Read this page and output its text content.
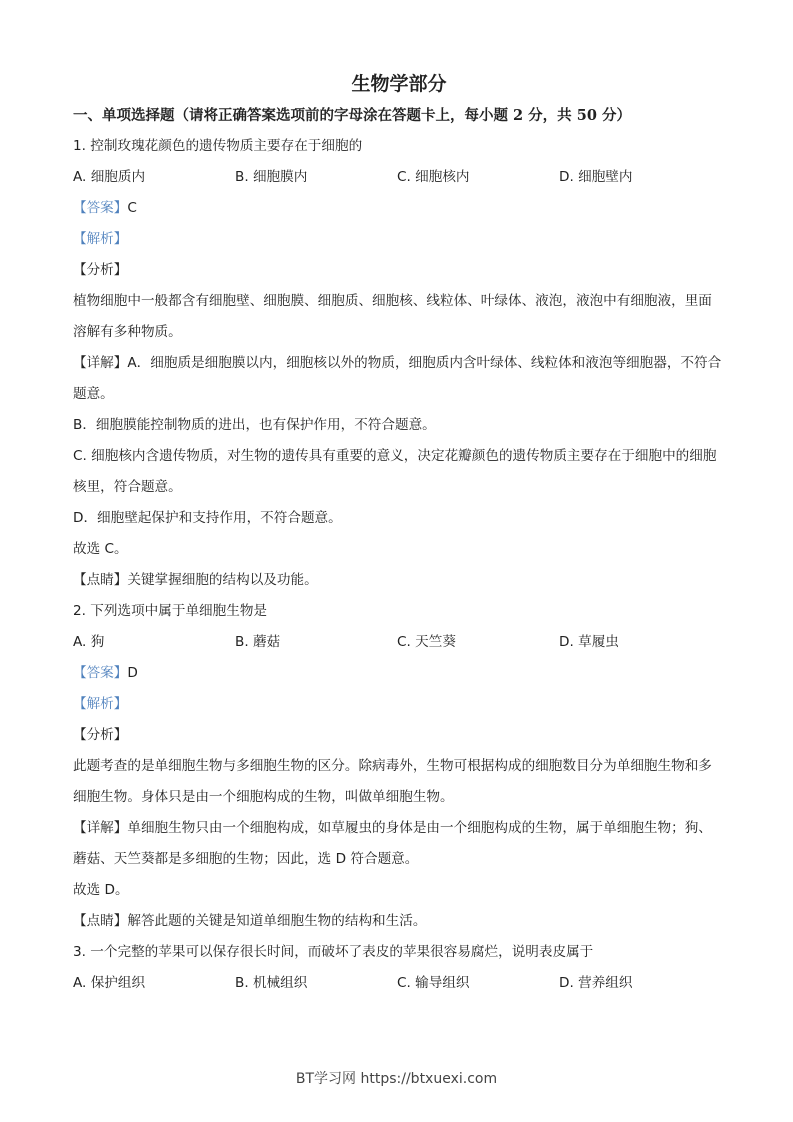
生物学部分
一、单项选择题（请将正确答案选项前的字母涂在答题卡上，每小题 2 分，共 50 分）
1. 控制玫瑰花颜色的遗传物质主要存在于细胞的
A. 细胞质内	B. 细胞膜内	C. 细胞核内	D. 细胞壁内
【答案】C
【解析】
【分析】
植物细胞中一般都含有细胞壁、细胞膜、细胞质、细胞核、线粒体、叶绿体、液泡，液泡中有细胞液，里面溶解有多种物质。
【详解】A．细胞质是细胞膜以内，细胞核以外的物质，细胞质内含叶绿体、线粒体和液泡等细胞器，不符合题意。
B．细胞膜能控制物质的进出，也有保护作用，不符合题意。
C. 细胞核内含遗传物质，对生物的遗传具有重要的意义，决定花瓣颜色的遗传物质主要存在于细胞中的细胞核里，符合题意。
D．细胞壁起保护和支持作用，不符合题意。
故选 C。
【点睛】关键掌握细胞的结构以及功能。
2. 下列选项中属于单细胞生物是
A. 狗	B. 蘑菇	C. 天竺葵	D. 草履虫
【答案】D
【解析】
【分析】
此题考查的是单细胞生物与多细胞生物的区分。除病毒外，生物可根据构成的细胞数目分为单细胞生物和多细胞生物。身体只是由一个细胞构成的生物，叫做单细胞生物。
【详解】单细胞生物只由一个细胞构成，如草履虫的身体是由一个细胞构成的生物，属于单细胞生物；狗、蘑菇、天竺葵都是多细胞的生物；因此，选 D 符合题意。
故选 D。
【点睛】解答此题的关键是知道单细胞生物的结构和生活。
3. 一个完整的苹果可以保存很长时间，而破坏了表皮的苹果很容易腐烂，说明表皮属于
A. 保护组织	B. 机械组织	C. 输导组织	D. 营养组织
BT学习网 https://btxuexi.com
